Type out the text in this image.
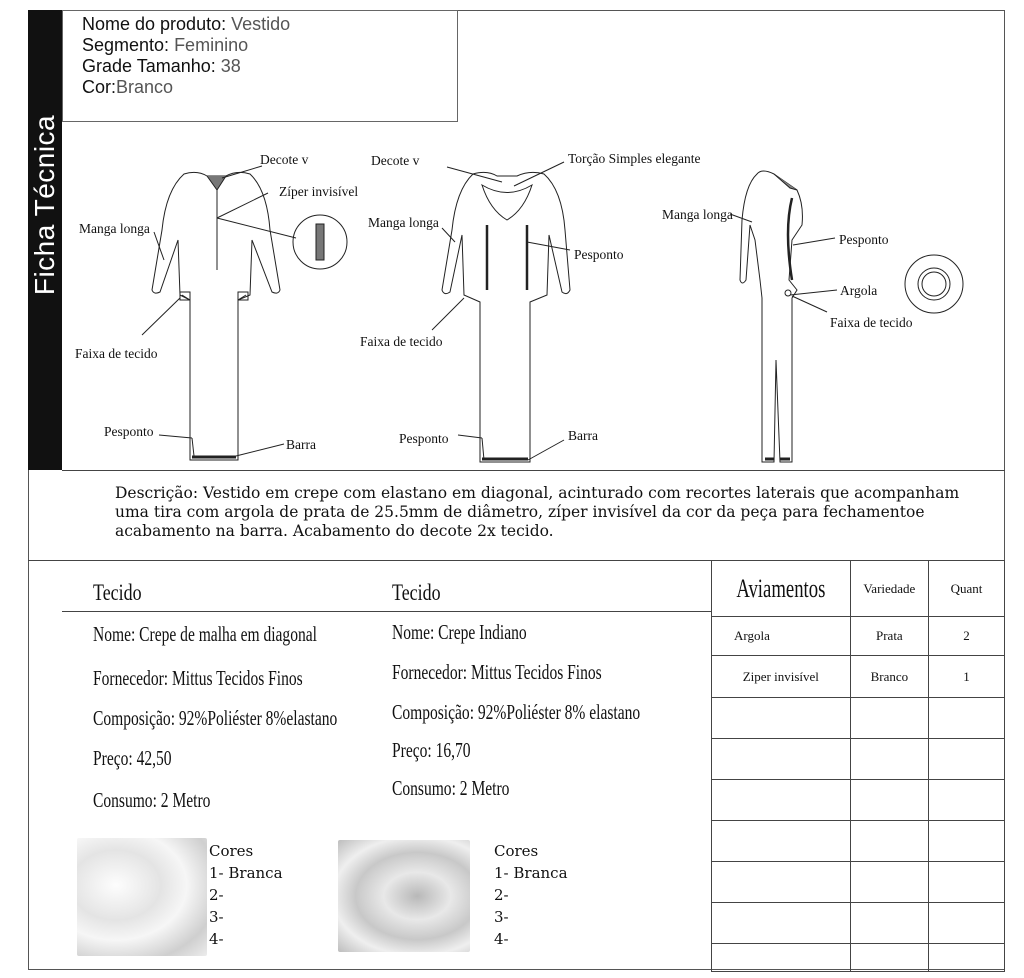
Ficha Técnica
Nome do produto: Vestido
Segmento: Feminino
Grade Tamanho: 38
Cor:Branco
Decote v
Zíper invisível
Manga longa
Faixa de tecido
Pesponto
Barra
Decote v	Torção Simples elegante
Manga longa
Pesponto
Faixa de tecido
Pesponto	Barra
Manga longa
Pesponto
Argola
Faixa de tecido
Descrição: Vestido em crepe com elastano em diagonal, acinturado com recortes laterais que acompanham uma tira com argola de prata de 25.5mm de diâmetro, zíper invisível da cor da peça para fechamentoe acabamento na barra. Acabamento do decote 2x tecido.
Tecido
Nome: Crepe de malha em diagonal
Fornecedor: Mittus Tecidos Finos
Composição: 92%Poliéster 8%elastano
Preço: 42,50
Consumo: 2 Metro
Cores
1- Branca
2-
3-
4-
Tecido
Nome: Crepe Indiano
Fornecedor: Mittus Tecidos Finos
Composição: 92%Poliéster 8% elastano
Preço: 16,70
Consumo: 2 Metro
Cores
1- Branca
2-
3-
4-
Aviamentos	Variedade	Quant
Argola	Prata	2
Ziper invisível	Branco	1
